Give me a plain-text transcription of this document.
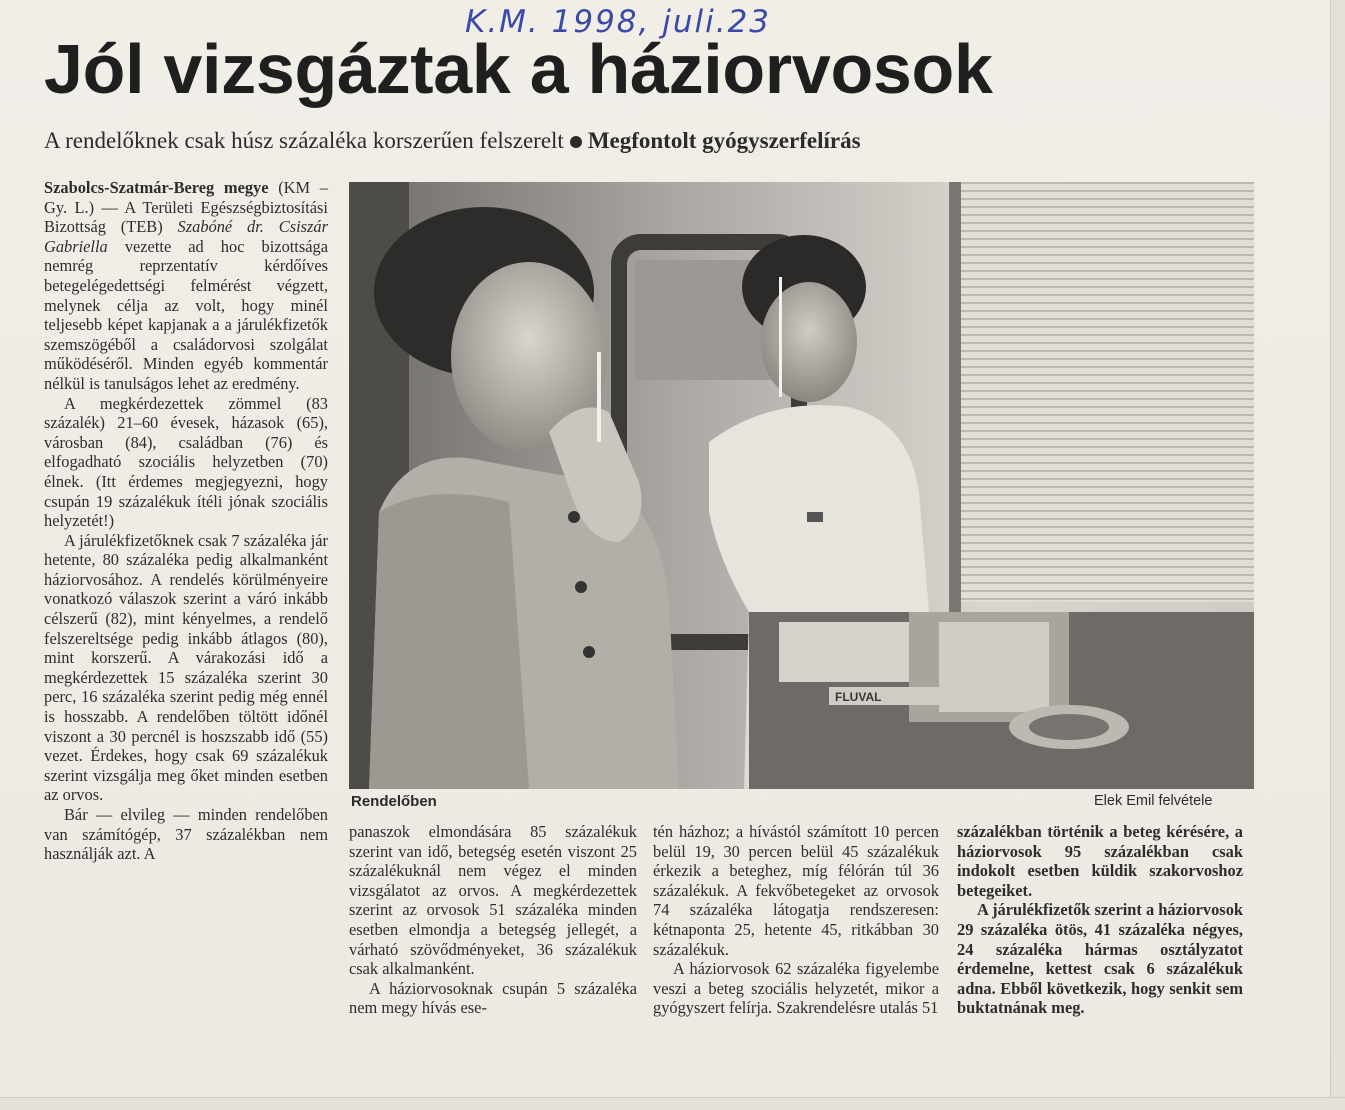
K.M. 1998, juli.23
Jól vizsgáztak a háziorvosok
A rendelőknek csak húsz százaléka korszerűen felszerelt Megfontolt gyógyszerfelírás

Szabolcs-Szatmár-Bereg megye (KM – Gy. L.) — A Területi Egészségbiztosítási Bizottság (TEB) Szabóné dr. Csiszár Gabriella vezette ad hoc bizottsága nemrég reprzentatív kérdőíves betegelégedettségi felmérést végzett, melynek célja az volt, hogy minél teljesebb képet kapjanak a a járulékfizetők szemszögéből a családorvosi szolgálat működéséről. Minden egyéb kommentár nélkül is tanulságos lehet az eredmény.

A megkérdezettek zömmel (83 százalék) 21–60 évesek, házasok (65), városban (84), családban (76) és elfogadható szociális helyzetben (70) élnek. (Itt érdemes megjegyezni, hogy csupán 19 százalékuk ítéli jónak szociális helyzetét!)

A járulékfizetőknek csak 7 százaléka jár hetente, 80 százaléka pedig alkalmanként háziorvosához. A rendelés körülményeire vonatkozó válaszok szerint a váró inkább célszerű (82), mint kényelmes, a rendelő felszereltsége pedig inkább átlagos (80), mint korszerű. A várakozási idő a megkérdezettek 15 százaléka szerint 30 perc, 16 százaléka szerint pedig még ennél is hosszabb. A rendelőben töltött időnél viszont a 30 percnél is hoszszabb idő (55) vezet. Érdekes, hogy csak 69 százalékuk szerint vizsgálja meg őket minden esetben az orvos.

Bár — elvileg — minden rendelőben van számítógép, 37 százalékban nem használják azt. A

FLUVAL
Rendelőben	Elek Emil felvétele

panaszok elmondására 85 százalékuk szerint van idő, betegség esetén viszont 25 százalékuknál nem végez el minden vizsgálatot az orvos. A megkérdezettek szerint az orvosok 51 százaléka minden esetben elmondja a betegség jellegét, a várható szövődményeket, 36 százalékuk csak alkalmanként.

A háziorvosoknak csupán 5 százaléka nem megy hívás ese-

tén házhoz; a hívástól számított 10 percen belül 19, 30 percen belül 45 százalékuk érkezik a beteghez, míg félórán túl 36 százalékuk. A fekvőbetegeket az orvosok 74 százaléka látogatja rendszeresen: kétnaponta 25, hetente 45, ritkábban 30 százalékuk.

A háziorvosok 62 százaléka figyelembe veszi a beteg szociális helyzetét, mikor a gyógyszert felírja. Szakrendelésre utalás 51

százalékban történik a beteg kérésére, a háziorvosok 95 százalékban csak indokolt esetben küldik szakorvoshoz betegeiket.

A járulékfizetők szerint a háziorvosok 29 százaléka ötös, 41 százaléka négyes, 24 százaléka hármas osztályzatot érdemelne, kettest csak 6 százalékuk adna. Ebből következik, hogy senkit sem buktatnának meg.
